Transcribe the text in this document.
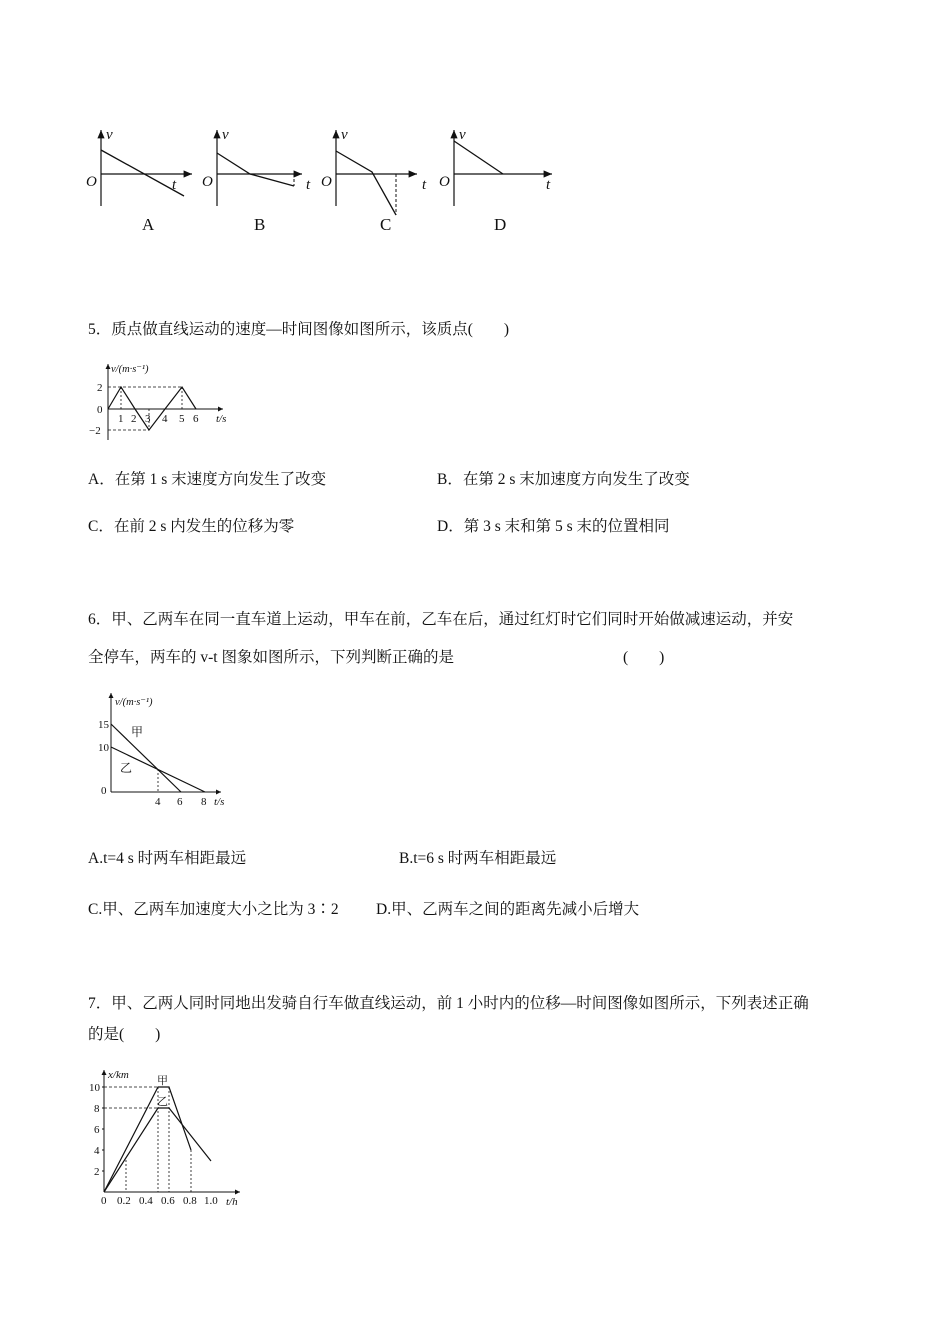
v
O	t
A
v
O	t
B
v
O	t
C
v
O	t
D
5．质点做直线运动的速度—时间图像如图所示，该质点(　　)
v/(m·s⁻¹)
2
0
−2
1 2 3 4 5 6 t/s
A．在第 1 s 末速度方向发生了改变	B．在第 2 s 末加速度方向发生了改变
C．在前 2 s 内发生的位移为零	D．第 3 s 末和第 5 s 末的位置相同
6．甲、乙两车在同一直车道上运动，甲车在前，乙车在后，通过红灯时它们同时开始做减速运动，并安
全停车，两车的 v-t 图象如图所示，下列判断正确的是	(　　)
v/(m·s⁻¹)
15
10
0
4 6 8 t/s
甲
乙
A.t=4 s 时两车相距最远	B.t=6 s 时两车相距最远
C.甲、乙两车加速度大小之比为 3∶2 D.甲、乙两车之间的距离先减小后增大
7．甲、乙两人同时同地出发骑自行车做直线运动，前 1 小时内的位移—时间图像如图所示，下列表述正确
的是(　　)
x/km
10
8
6
4
2
0 0.2 0.4 0.6 0.8 1.0 t/h
甲
乙
